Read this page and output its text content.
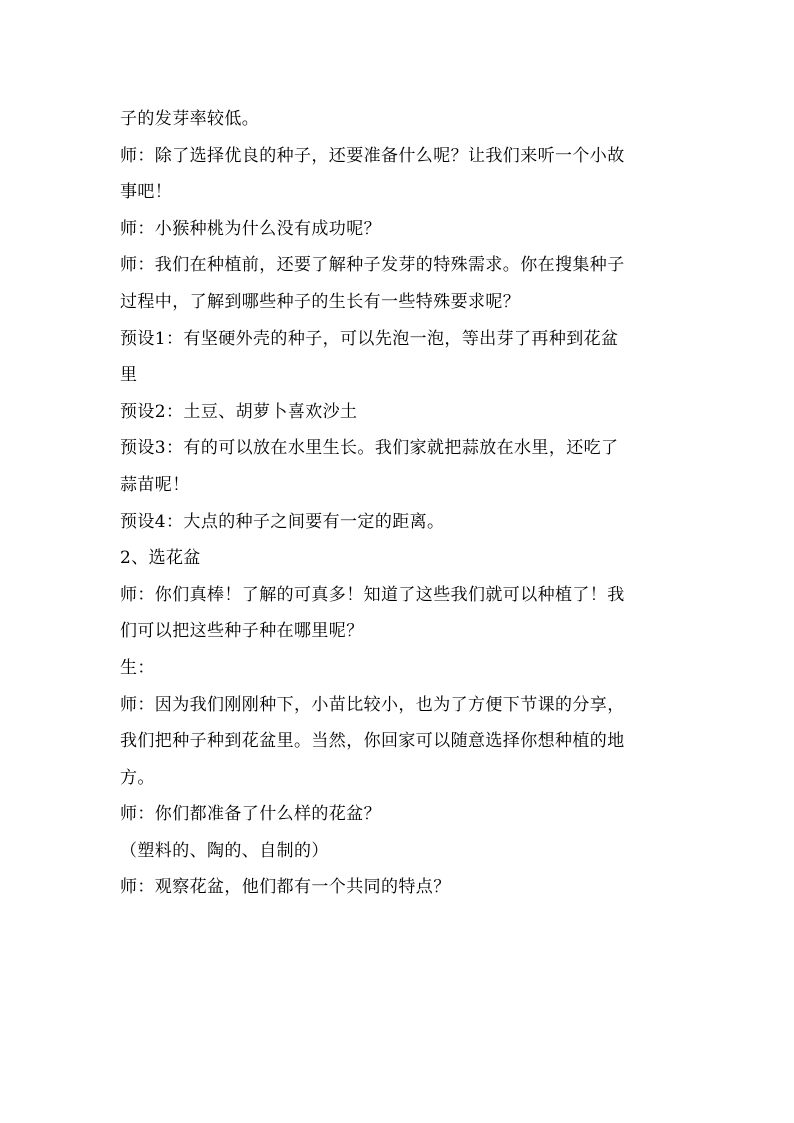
子的发芽率较低。
师：除了选择优良的种子，还要准备什么呢？让我们来听一个小故
事吧！
师：小猴种桃为什么没有成功呢？
师：我们在种植前，还要了解种子发芽的特殊需求。你在搜集种子
过程中，了解到哪些种子的生长有一些特殊要求呢？
预设1：有坚硬外壳的种子，可以先泡一泡，等出芽了再种到花盆
里
预设2：土豆、胡萝卜喜欢沙土
预设3：有的可以放在水里生长。我们家就把蒜放在水里，还吃了
蒜苗呢！
预设4：大点的种子之间要有一定的距离。
2、选花盆
师：你们真棒！了解的可真多！知道了这些我们就可以种植了！我
们可以把这些种子种在哪里呢？
生：
师：因为我们刚刚种下，小苗比较小，也为了方便下节课的分享，
我们把种子种到花盆里。当然，你回家可以随意选择你想种植的地
方。
师：你们都准备了什么样的花盆？
（塑料的、陶的、自制的）
师：观察花盆，他们都有一个共同的特点？
